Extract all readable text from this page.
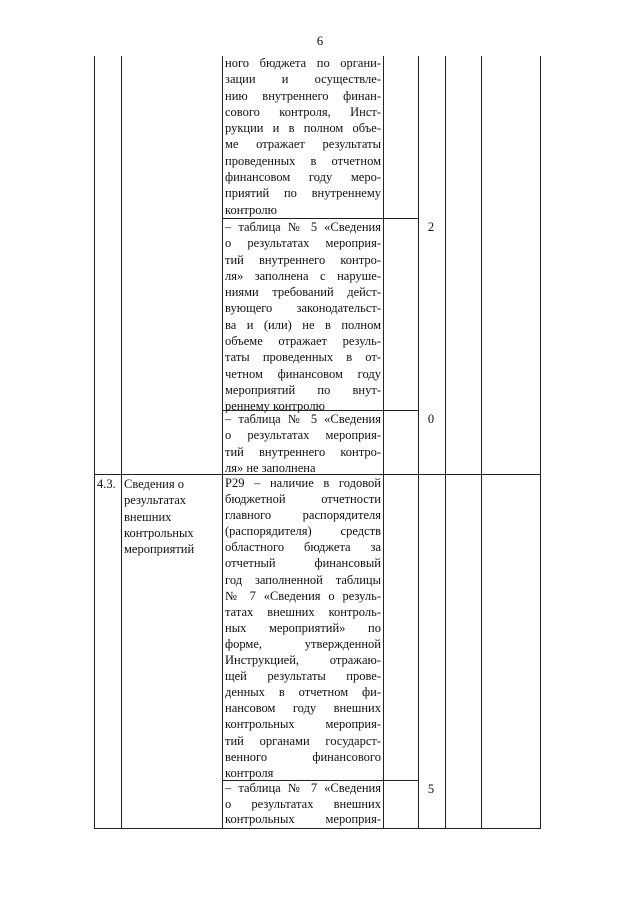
6
ного бюджета по органи-
зации и осуществле-
нию внутреннего финан-
сового контроля, Инст-
рукции и в полном объе-
ме отражает результаты
проведенных в отчетном
финансовом году меро-
приятий по внутреннему
контролю
– таблица № 5 «Сведения
о результатах мероприя-
тий внутреннего контро-
ля» заполнена с наруше-
ниями требований дейст-
вующего законодательст-
ва и (или) не в полном
объеме отражает резуль-
таты проведенных в от-
четном финансовом году
мероприятий по внут-
реннему контролю
2
– таблица № 5 «Сведения
о результатах мероприя-
тий внутреннего контро-
ля» не заполнена
0
4.3. Сведения о
результатах
внешних
контрольных
мероприятий
Р29 – наличие в годовой
бюджетной отчетности
главного распорядителя
(распорядителя) средств
областного бюджета за
отчетный финансовый
год заполненной таблицы
№ 7 «Сведения о резуль-
татах внешних контроль-
ных мероприятий» по
форме, утвержденной
Инструкцией, отражаю-
щей результаты прове-
денных в отчетном фи-
нансовом году внешних
контрольных мероприя-
тий органами государст-
венного финансового
контроля
– таблица № 7 «Сведения
о результатах внешних
контрольных мероприя-
5
